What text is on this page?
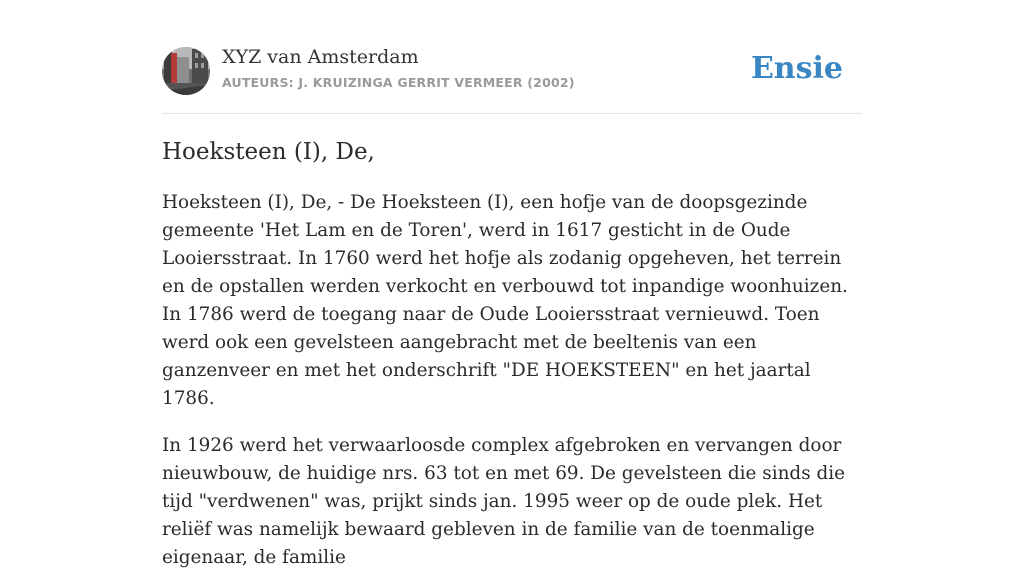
XYZ van Amsterdam
AUTEURS: J. KRUIZINGA GERRIT VERMEER (2002)	Ensie
Hoeksteen (I), De,

Hoeksteen (I), De, - De Hoeksteen (I), een hofje van de doopsgezinde gemeente 'Het Lam en de Toren', werd in 1617 gesticht in de Oude Looiersstraat. In 1760 werd het hofje als zodanig opgeheven, het terrein en de opstallen werden verkocht en verbouwd tot inpandige woonhuizen. In 1786 werd de toegang naar de Oude Looiersstraat vernieuwd. Toen werd ook een gevelsteen aangebracht met de beeltenis van een ganzenveer en met het onderschrift "DE HOEKSTEEN" en het jaartal 1786.

In 1926 werd het verwaarloosde complex afgebroken en vervangen door nieuwbouw, de huidige nrs. 63 tot en met 69. De gevelsteen die sinds die tijd "verdwenen" was, prijkt sinds jan. 1995 weer op de oude plek. Het reliëf was namelijk bewaard gebleven in de familie van de toenmalige eigenaar, de familie
